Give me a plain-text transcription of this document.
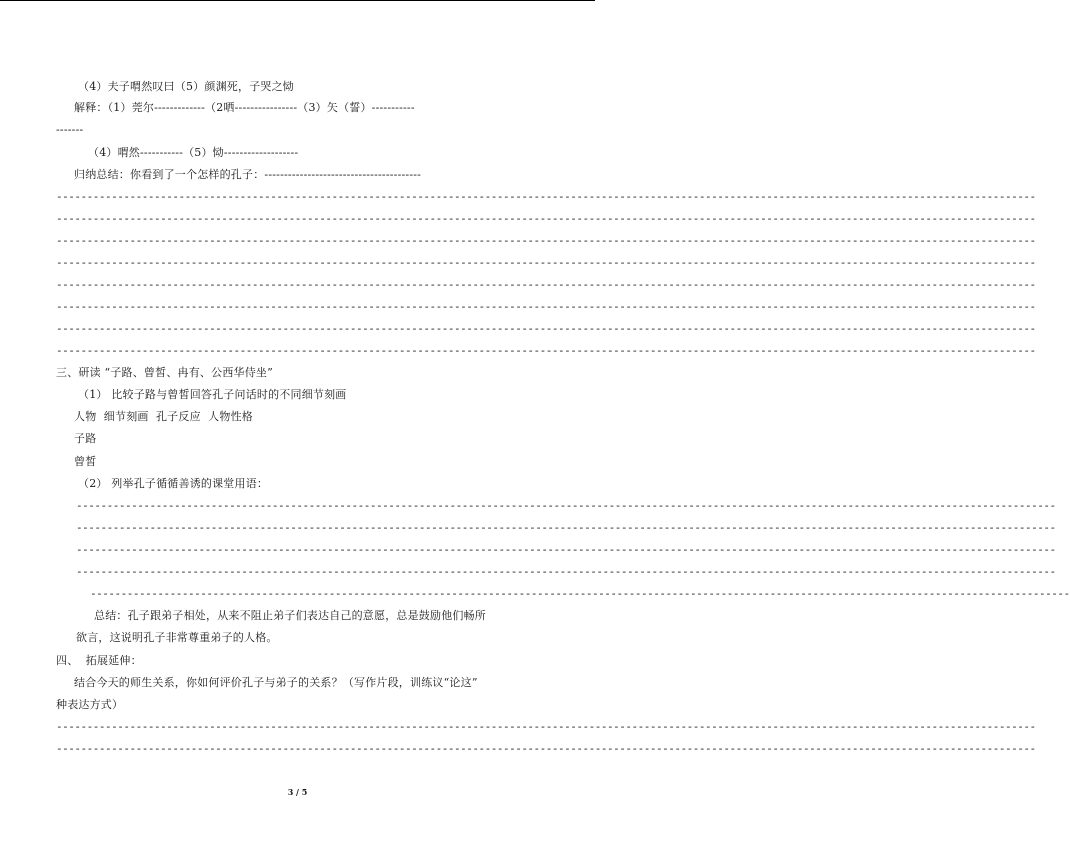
（4）夫子喟然叹曰（5）颜渊死，子哭之恸
解释：（1）莞尔-------------（2哂----------------（3）矢（誓）-----------
-------
（4）喟然-----------（5）恸-------------------
归纳总结：你看到了一个怎样的孔子：----------------------------------------
----------------------------------------------------------------------------------------------------------------------------------------------------------------
----------------------------------------------------------------------------------------------------------------------------------------------------------------
----------------------------------------------------------------------------------------------------------------------------------------------------------------
----------------------------------------------------------------------------------------------------------------------------------------------------------------
----------------------------------------------------------------------------------------------------------------------------------------------------------------
----------------------------------------------------------------------------------------------------------------------------------------------------------------
----------------------------------------------------------------------------------------------------------------------------------------------------------------
----------------------------------------------------------------------------------------------------------------------------------------------------------------
三、研读 “子路、曾皙、冉有、公西华侍坐”
（1） 比较子路与曾皙回答孔子问话时的不同细节刻画
人物  细节刻画  孔子反应  人物性格
子路
曾皙
（2） 列举孔子循循善诱的课堂用语：
----------------------------------------------------------------------------------------------------------------------------------------------------------------
----------------------------------------------------------------------------------------------------------------------------------------------------------------
----------------------------------------------------------------------------------------------------------------------------------------------------------------
----------------------------------------------------------------------------------------------------------------------------------------------------------------
----------------------------------------------------------------------------------------------------------------------------------------------------------------
总结：孔子跟弟子相处，从来不阻止弟子们表达自己的意愿，总是鼓励他们畅所
欲言，这说明孔子非常尊重弟子的人格。
四、  拓展延伸：
结合今天的师生关系，你如何评价孔子与弟子的关系？（写作片段，训练议“论这”
种表达方式）
----------------------------------------------------------------------------------------------------------------------------------------------------------------
----------------------------------------------------------------------------------------------------------------------------------------------------------------
3 / 5
